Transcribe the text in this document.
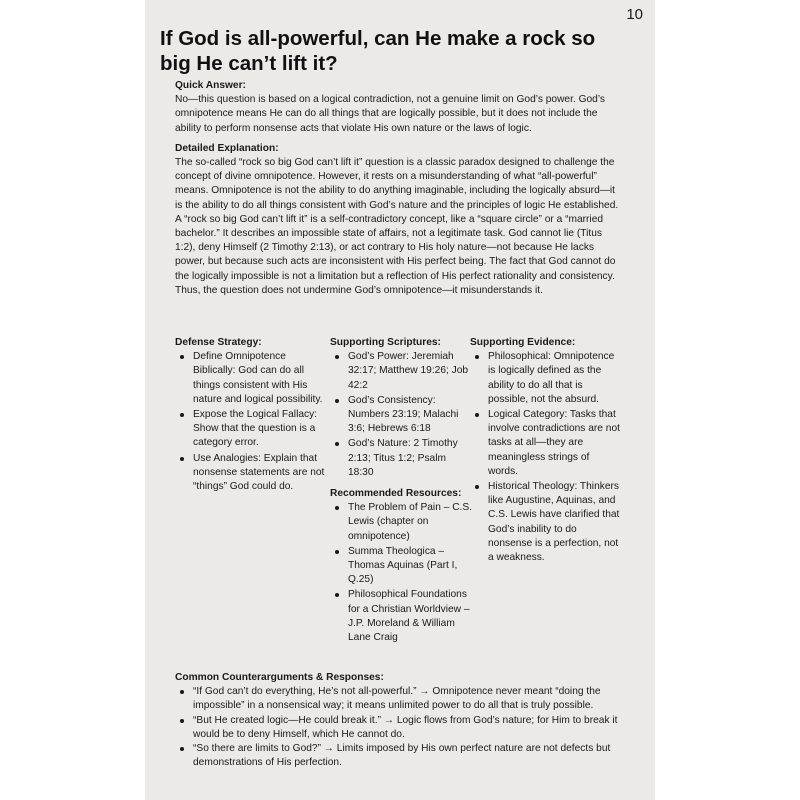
10
If God is all-powerful, can He make a rock so big He can’t lift it?
Quick Answer:

No—this question is based on a logical contradiction, not a genuine limit on God’s power. God’s omnipotence means He can do all things that are logically possible, but it does not include the ability to perform nonsense acts that violate His own nature or the laws of logic.

Detailed Explanation:

The so-called “rock so big God can’t lift it” question is a classic paradox designed to challenge the concept of divine omnipotence. However, it rests on a misunderstanding of what “all-powerful” means. Omnipotence is not the ability to do anything imaginable, including the logically absurd—it is the ability to do all things consistent with God’s nature and the principles of logic He established. A “rock so big God can’t lift it” is a self-contradictory concept, like a “square circle” or a “married bachelor.” It describes an impossible state of affairs, not a legitimate task. God cannot lie (Titus 1:2), deny Himself (2 Timothy 2:13), or act contrary to His holy nature—not because He lacks power, but because such acts are inconsistent with His perfect being. The fact that God cannot do the logically impossible is not a limitation but a reflection of His perfect rationality and consistency. Thus, the question does not undermine God’s omnipotence—it misunderstands it.

Defense Strategy:
Define Omnipotence Biblically: God can do all things consistent with His nature and logical possibility.
Expose the Logical Fallacy: Show that the question is a category error.
Use Analogies: Explain that nonsense statements are not “things” God could do.
Supporting Scriptures:
God’s Power: Jeremiah 32:17; Matthew 19:26; Job 42:2
God’s Consistency: Numbers 23:19; Malachi 3:6; Hebrews 6:18
God’s Nature: 2 Timothy 2:13; Titus 1:2; Psalm 18:30
Recommended Resources:
The Problem of Pain – C.S. Lewis (chapter on omnipotence)
Summa Theologica – Thomas Aquinas (Part I, Q.25)
Philosophical Foundations for a Christian Worldview – J.P. Moreland & William Lane Craig
Supporting Evidence:
Philosophical: Omnipotence is logically defined as the ability to do all that is possible, not the absurd.
Logical Category: Tasks that involve contradictions are not tasks at all—they are meaningless strings of words.
Historical Theology: Thinkers like Augustine, Aquinas, and C.S. Lewis have clarified that God’s inability to do nonsense is a perfection, not a weakness.
Common Counterarguments & Responses:
“If God can’t do everything, He’s not all-powerful.” → Omnipotence never meant “doing the impossible” in a nonsensical way; it means unlimited power to do all that is truly possible.
“But He created logic—He could break it.” → Logic flows from God’s nature; for Him to break it would be to deny Himself, which He cannot do.
“So there are limits to God?” → Limits imposed by His own perfect nature are not defects but demonstrations of His perfection.
